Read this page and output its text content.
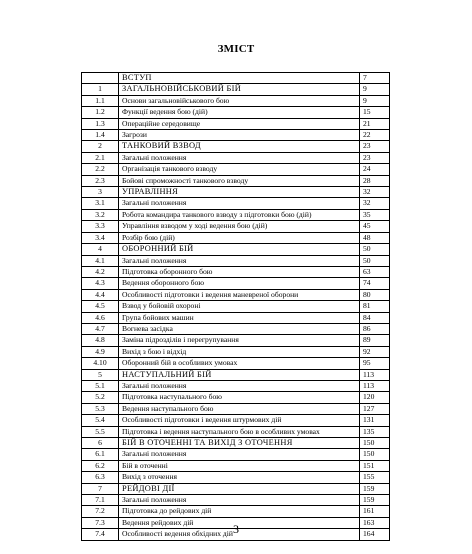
ЗМІСТ
	ВСТУП	7
1	ЗАГАЛЬНОВІЙСЬКОВИЙ БІЙ	9
1.1	Основи загальновійськового бою	9
1.2	Функції ведення бою (дій)	15
1.3	Операційне середовище	21
1.4	Загрози	22
2	ТАНКОВИЙ ВЗВОД	23
2.1	Загальні положення	23
2.2	Організація танкового взводу	24
2.3	Бойові спроможності танкового взводу	28
3	УПРАВЛІННЯ	32
3.1	Загальні положення	32
3.2	Робота командира танкового взводу з підготовки бою (дій)	35
3.3	Управління взводом у ході ведення бою (дій)	45
3.4	Розбір бою (дій)	48
4	ОБОРОННИЙ БІЙ	50
4.1	Загальні положення	50
4.2	Підготовка оборонного бою	63
4.3	Ведення оборонного бою	74
4.4	Особливості підготовки і ведення маневреної оборони	80
4.5	Взвод у бойовій охороні	81
4.6	Група бойових машин	84
4.7	Вогнева засідка	86
4.8	Заміна підрозділів і перегрупування	89
4.9	Вихід з бою і відхід	92
4.10	Оборонний бій в особливих умовах	95
5	НАСТУПАЛЬНИЙ БІЙ	113
5.1	Загальні положення	113
5.2	Підготовка наступального бою	120
5.3	Ведення наступального бою	127
5.4	Особливості підготовки і ведення штурмових дій	131
5.5	Підготовка і ведення наступального бою в особливих умовах	135
6	БІЙ В ОТОЧЕННІ ТА ВИХІД З ОТОЧЕННЯ	150
6.1	Загальні положення	150
6.2	Бій в оточенні	151
6.3	Вихід з оточення	155
7	РЕЙДОВІ ДІЇ	159
7.1	Загальні положення	159
7.2	Підготовка до рейдових дій	161
7.3	Ведення рейдових дій	163
7.4	Особливості ведення обхідних дій	164
3
